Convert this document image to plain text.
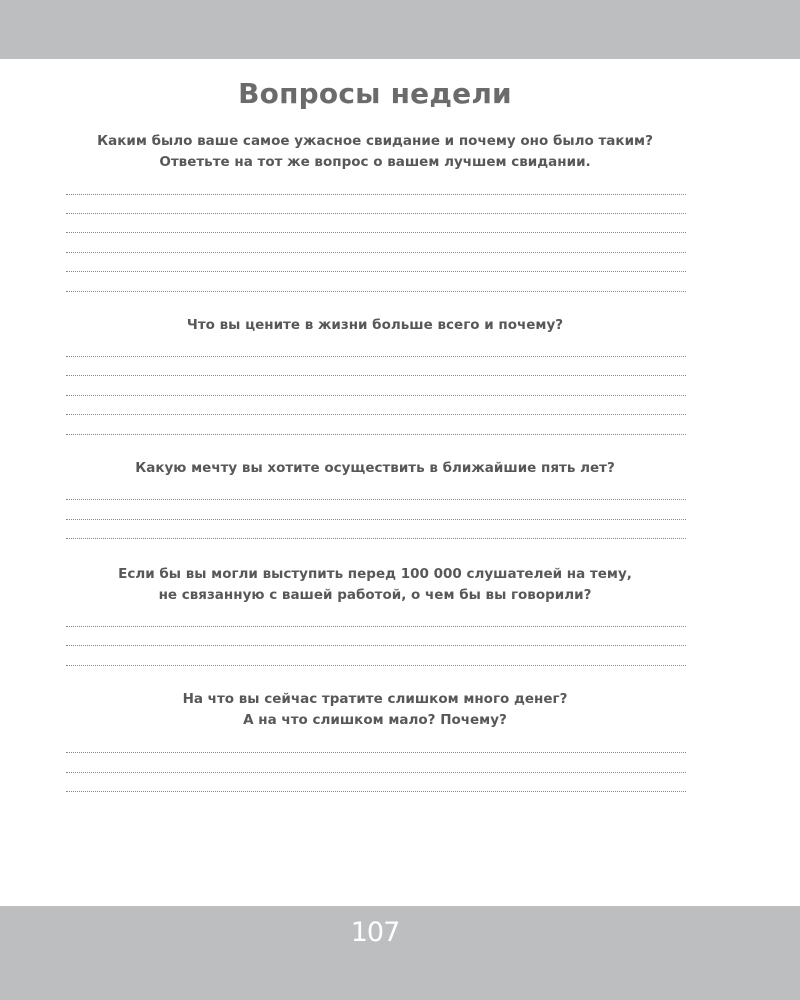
Вопросы недели
Каким было ваше самое ужасное свидание и почему оно было таким?
Ответьте на тот же вопрос о вашем лучшем свидании.
Что вы цените в жизни больше всего и почему?
Какую мечту вы хотите осуществить в ближайшие пять лет?
Если бы вы могли выступить перед 100 000 слушателей на тему,
не связанную с вашей работой, о чем бы вы говорили?
На что вы сейчас тратите слишком много денег?
А на что слишком мало? Почему?
107
